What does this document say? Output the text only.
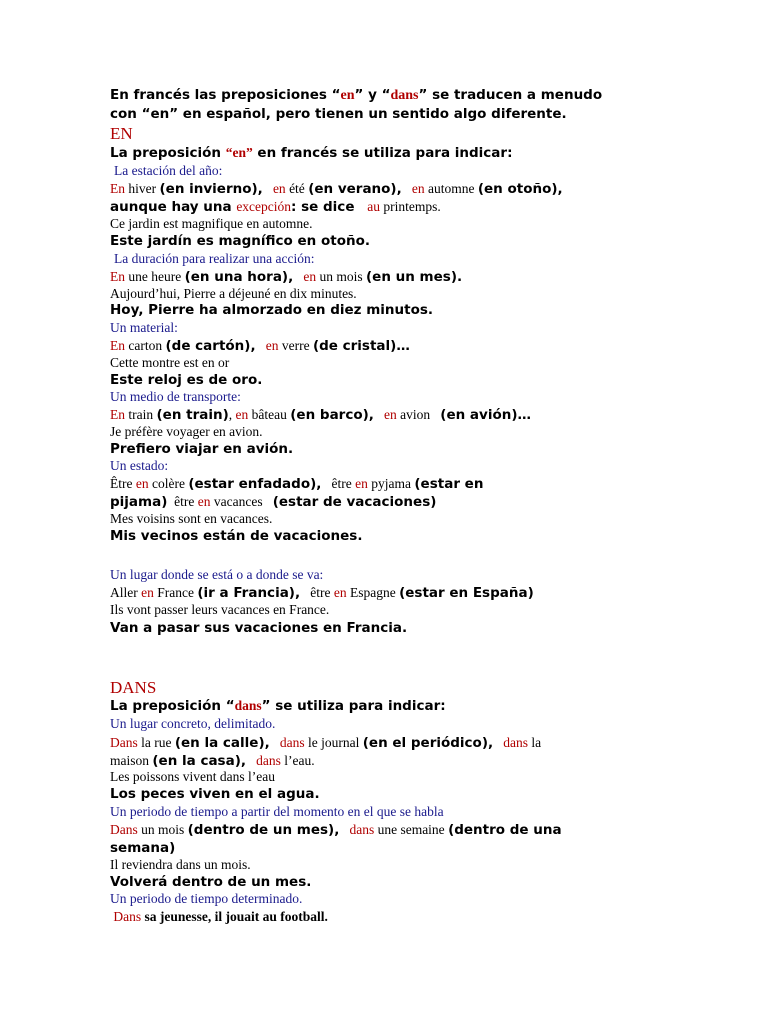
En francés las preposiciones “en” y “dans” se traducen a menudo
con “en” en español, pero tienen un sentido algo diferente.
EN
La preposición “en” en francés se utiliza para indicar:
La estación del año:
En hiver (en invierno),   en été (en verano),   en automne (en otoño),
aunque hay una excepción: se dice   au printemps.
Ce jardin est magnifique en automne.
Este jardín es magnífico en otoño.
La duración para realizar una acción:
En une heure (en una hora),   en un mois (en un mes).
Aujourd’hui, Pierre a déjeuné en dix minutes.
Hoy, Pierre ha almorzado en diez minutos.
Un material:
En carton (de cartón),   en verre (de cristal)…
Cette montre est en or
Este reloj es de oro.
Un medio de transporte:
En train (en train), en bâteau (en barco),   en avion   (en avión)…
Je préfère voyager en avion.
Prefiero viajar en avión.
Un estado:
Être en colère (estar enfadado),   être en pyjama (estar en
pijama)  être en vacances   (estar de vacaciones)
Mes voisins sont en vacances.
Mis vecinos están de vacaciones.
Un lugar donde se está o a donde se va:
Aller en France (ir a Francia),   être en Espagne (estar en España)
Ils vont passer leurs vacances en France.
Van a pasar sus vacaciones en Francia.
DANS
La preposición “dans” se utiliza para indicar:
Un lugar concreto, delimitado.
Dans la rue (en la calle),   dans le journal (en el periódico),   dans la
maison (en la casa),   dans l’eau.
Les poissons vivent dans l’eau
Los peces viven en el agua.
Un periodo de tiempo a partir del momento en el que se habla
Dans un mois (dentro de un mes),   dans une semaine (dentro de una
semana)
Il reviendra dans un mois.
Volverá dentro de un mes.
Un periodo de tiempo determinado.
Dans sa jeunesse, il jouait au football.
